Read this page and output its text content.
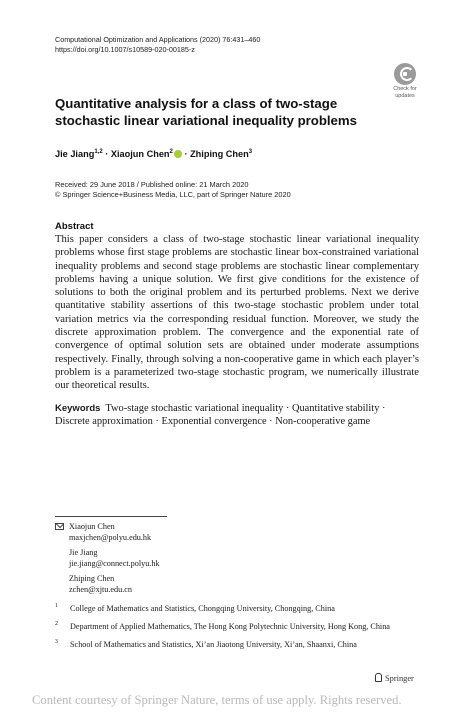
Computational Optimization and Applications (2020) 76:431–460
https://doi.org/10.1007/s10589-020-00185-z
Check for
updates
Quantitative analysis for a class of two-stage stochastic linear variational inequality problems
Jie Jiang$^{1,2}$ · Xiaojun Chen$^2$ · Zhiping Chen$^3$
Received: 29 June 2018 / Published online: 21 March 2020
© Springer Science+Business Media, LLC, part of Springer Nature 2020
Abstract

This paper considers a class of two-stage stochastic linear variational inequality problems whose first stage problems are stochastic linear box-constrained variational inequality problems and second stage problems are stochastic linear complementary problems having a unique solution. We first give conditions for the existence of solutions to both the original problem and its perturbed problems. Next we derive quantitative stability assertions of this two-stage stochastic problem under total variation metrics via the corresponding residual function. Moreover, we study the discrete approximation problem. The convergence and the exponential rate of convergence of optimal solution sets are obtained under moderate assumptions respectively. Finally, through solving a non-cooperative game in which each player’s problem is a parameterized two-stage stochastic program, we numerically illustrate our theoretical results.

Keywords Two-stage stochastic variational inequality · Quantitative stability · Discrete approximation · Exponential convergence · Non-cooperative game

Xiaojun Chen
maxjchen@polyu.edu.hk
Jie Jiang
jie.jiang@connect.polyu.hk
Zhiping Chen
zchen@xjtu.edu.cn
1 College of Mathematics and Statistics, Chongqing University, Chongqing, China
2 Department of Applied Mathematics, The Hong Kong Polytechnic University, Hong Kong, China
3 School of Mathematics and Statistics, Xi’an Jiaotong University, Xi’an, Shaanxi, China
Springer
Content courtesy of Springer Nature, terms of use apply. Rights reserved.
